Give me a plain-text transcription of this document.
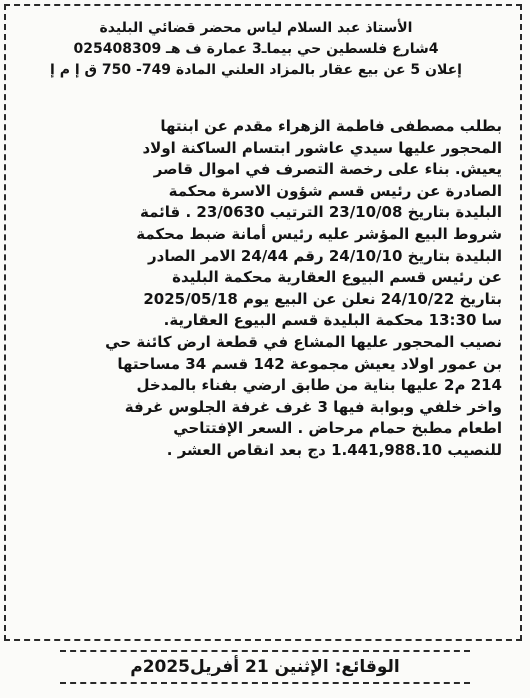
الأستاذ عبد السلام لياس محضر قضائي البليدة
4شارع فلسطين حي بيماـ3 عمارة ف هـ 025408309
إعلان 5 عن بيع عقار بالمزاد العلني المادة 749- 750 ق إ م إ
بطلب مصطفى فاطمة الزهراء مقدم عن ابنتها
المحجور عليها سيدي عاشور ابتسام الساكنة اولاد
يعيش. بناء على رخصة التصرف في اموال قاصر
الصادرة عن رئيس قسم شؤون الاسرة محكمة
البليدة بتاريخ 23/10/08 الترتيب 23/0630 . قائمة
شروط البيع المؤشر عليه رئيس أمانة ضبط محكمة
البليدة بتاريخ 24/10/10 رقم 24/44 الامر الصادر
عن رئيس قسم البيوع العقارية محكمة البليدة
بتاريخ 24/10/22 نعلن عن البيع يوم 2025/05/18
سا 13:30 محكمة البليدة قسم البيوع العقارية.
نصيب المحجور عليها المشاع في قطعة ارض كائنة حي
بن عمور اولاد يعيش مجموعة 142 قسم 34 مساحتها
214 م2 عليها بناية من طابق ارضي بفناء بالمدخل
واخر خلفي وبوابة فيها 3 غرف غرفة الجلوس غرفة
اطعام مطبخ حمام مرحاض . السعر الإفتتاحي
للنصيب 1.441,988.10 دج بعد انقاص العشر .
الوقائع: الإثنين 21 أفريل2025م
